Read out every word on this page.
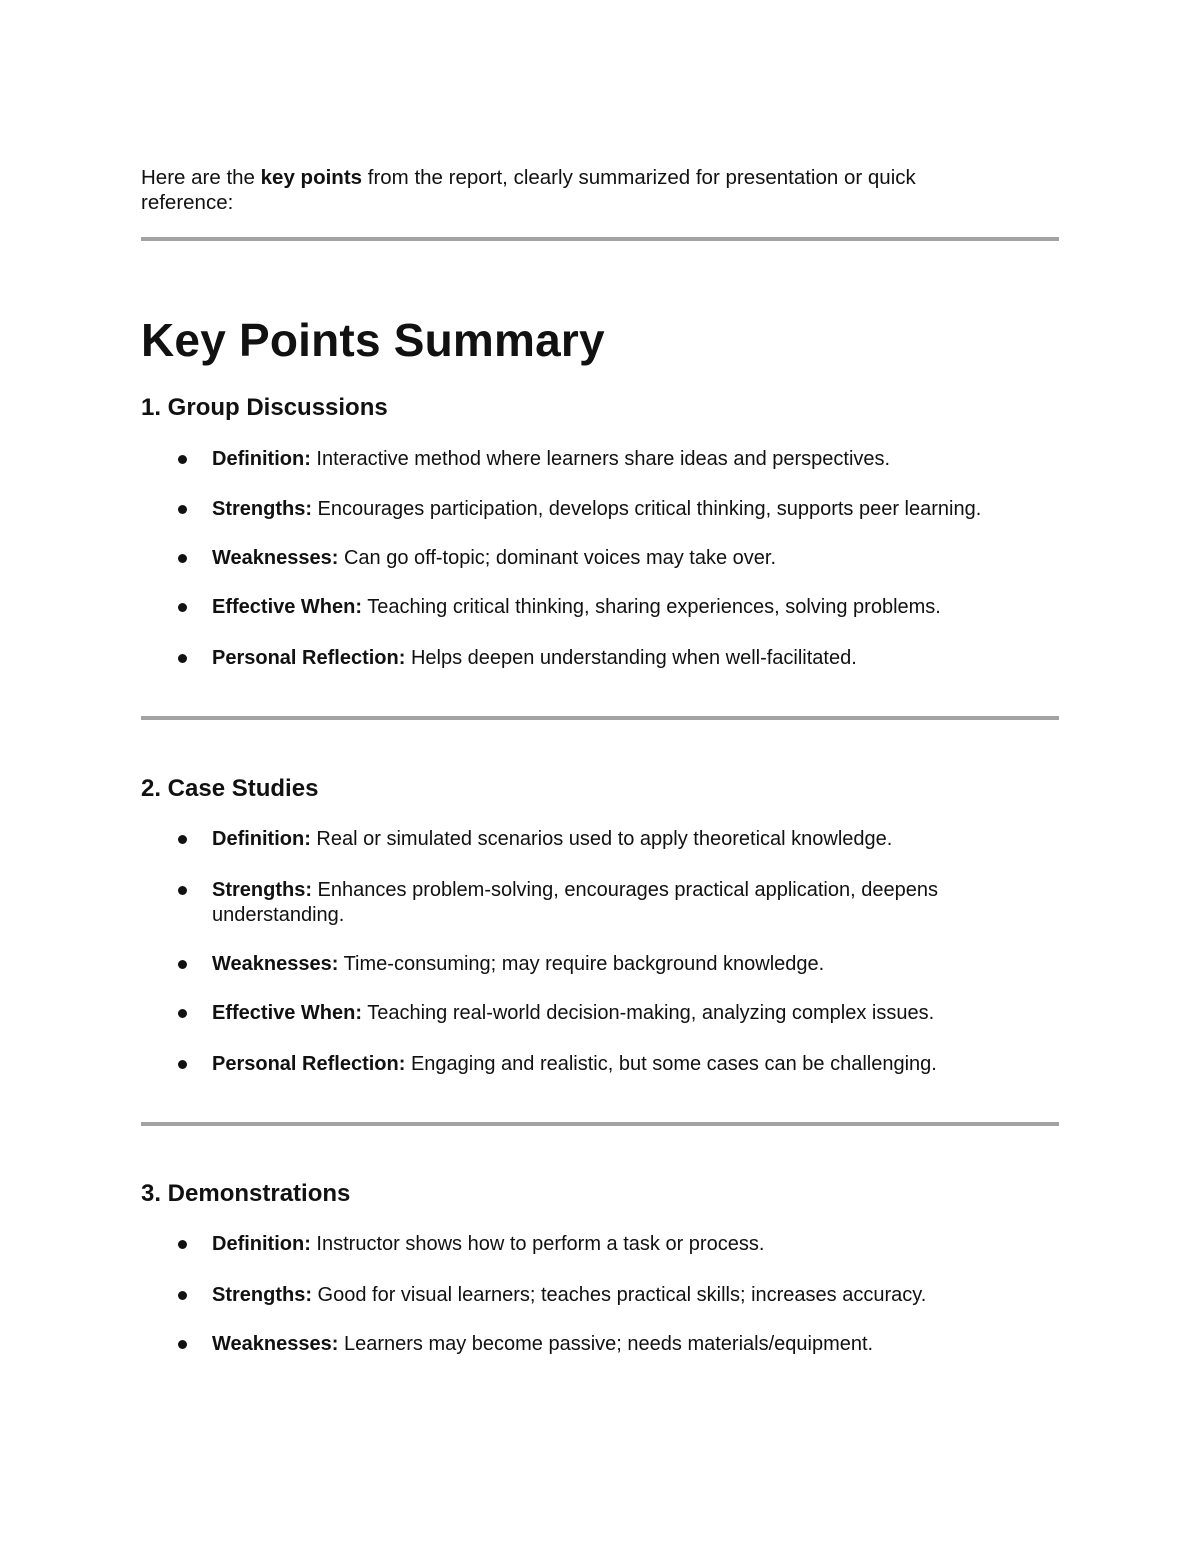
Here are the key points from the report, clearly summarized for presentation or quick reference:

Key Points Summary
1. Group Discussions
Definition: Interactive method where learners share ideas and perspectives.
Strengths: Encourages participation, develops critical thinking, supports peer learning.
Weaknesses: Can go off-topic; dominant voices may take over.
Effective When: Teaching critical thinking, sharing experiences, solving problems.
Personal Reflection: Helps deepen understanding when well-facilitated.
2. Case Studies
Definition: Real or simulated scenarios used to apply theoretical knowledge.
Strengths: Enhances problem-solving, encourages practical application, deepens understanding.
Weaknesses: Time-consuming; may require background knowledge.
Effective When: Teaching real-world decision-making, analyzing complex issues.
Personal Reflection: Engaging and realistic, but some cases can be challenging.
3. Demonstrations
Definition: Instructor shows how to perform a task or process.
Strengths: Good for visual learners; teaches practical skills; increases accuracy.
Weaknesses: Learners may become passive; needs materials/equipment.
